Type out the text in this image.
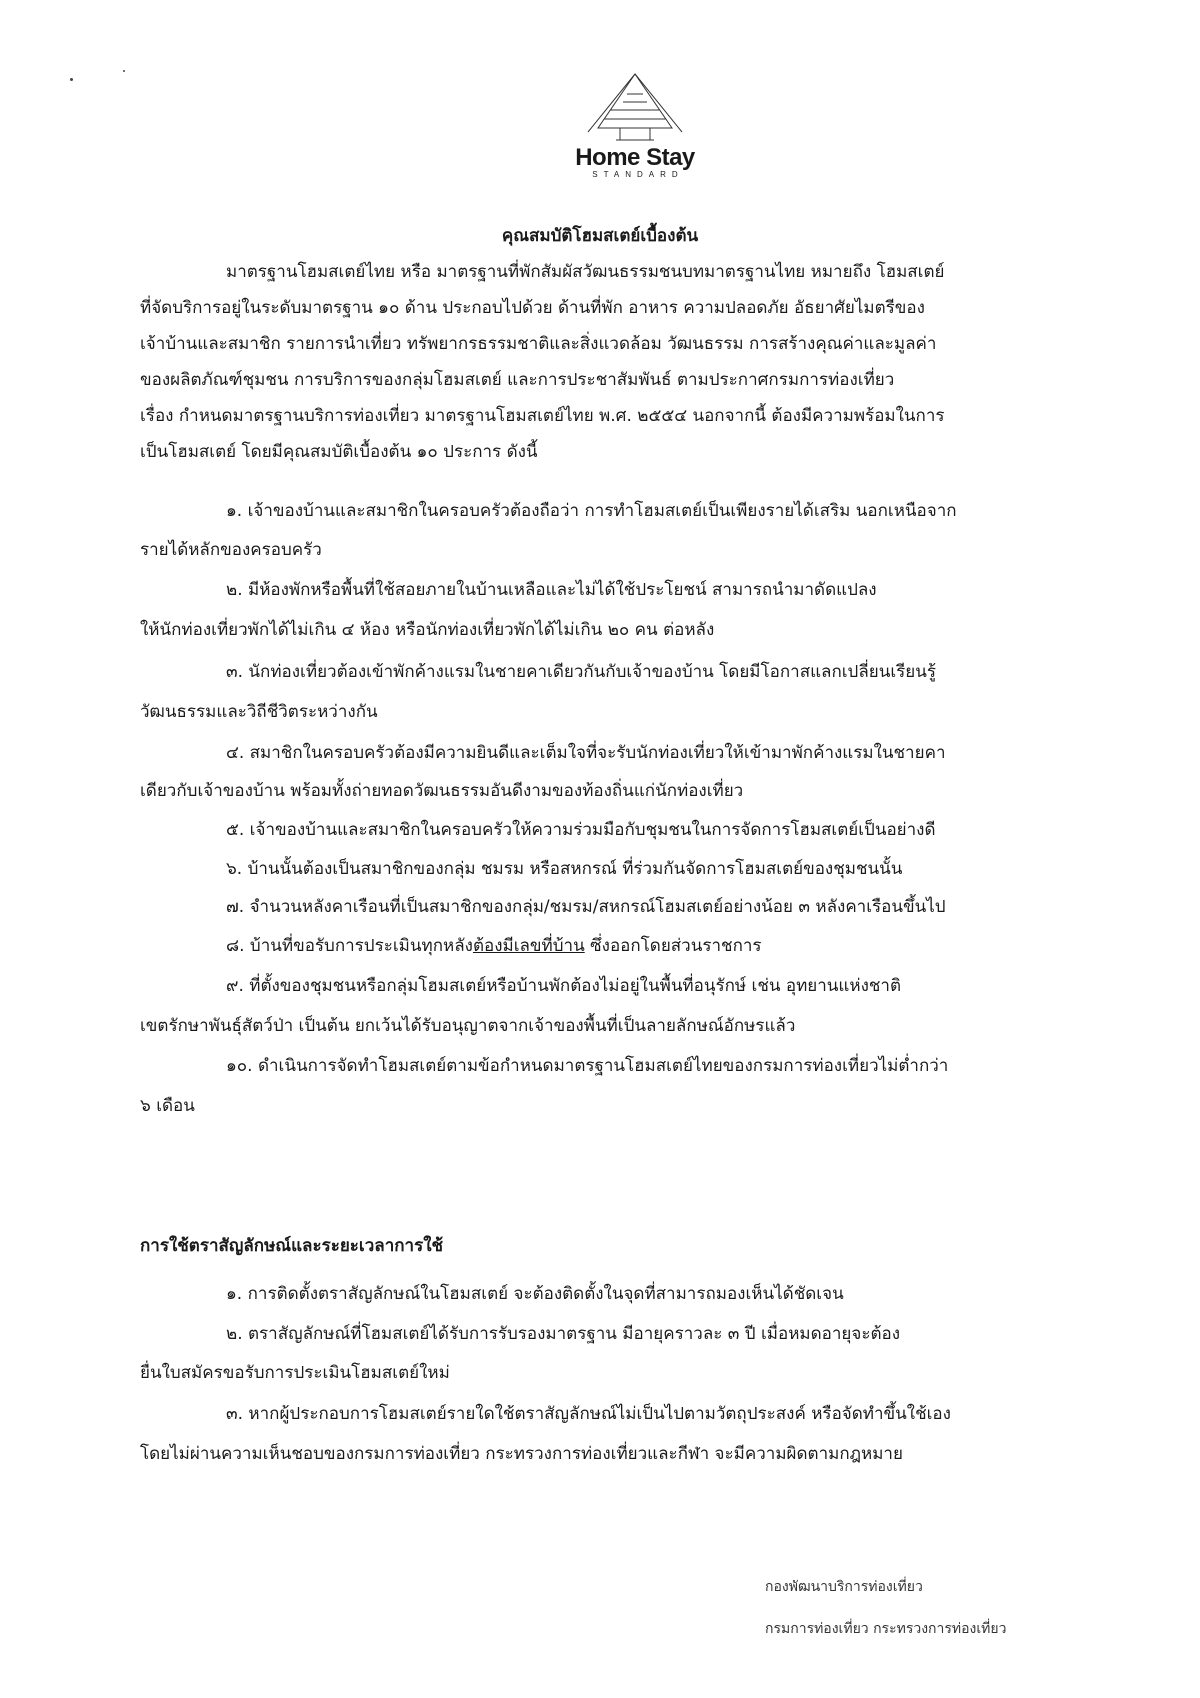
Home Stay
STANDARD
คุณสมบัติโฮมสเตย์เบื้องต้น

มาตรฐานโฮมสเตย์ไทย หรือ มาตรฐานที่พักสัมผัสวัฒนธรรมชนบทมาตรฐานไทย หมายถึง โฮมสเตย์
ที่จัดบริการอยู่ในระดับมาตรฐาน ๑๐ ด้าน ประกอบไปด้วย ด้านที่พัก อาหาร ความปลอดภัย อัธยาศัยไมตรีของ
เจ้าบ้านและสมาชิก รายการนำเที่ยว ทรัพยากรธรรมชาติและสิ่งแวดล้อม วัฒนธรรม การสร้างคุณค่าและมูลค่า
ของผลิตภัณฑ์ชุมชน การบริการของกลุ่มโฮมสเตย์ และการประชาสัมพันธ์ ตามประกาศกรมการท่องเที่ยว
เรื่อง กำหนดมาตรฐานบริการท่องเที่ยว มาตรฐานโฮมสเตย์ไทย พ.ศ. ๒๕๕๔ นอกจากนี้ ต้องมีความพร้อมในการ
เป็นโฮมสเตย์ โดยมีคุณสมบัติเบื้องต้น ๑๐ ประการ ดังนี้

๑. เจ้าของบ้านและสมาชิกในครอบครัวต้องถือว่า การทำโฮมสเตย์เป็นเพียงรายได้เสริม นอกเหนือจาก
รายได้หลักของครอบครัว
๒. มีห้องพักหรือพื้นที่ใช้สอยภายในบ้านเหลือและไม่ได้ใช้ประโยชน์ สามารถนำมาดัดแปลง
ให้นักท่องเที่ยวพักได้ไม่เกิน ๔ ห้อง หรือนักท่องเที่ยวพักได้ไม่เกิน ๒๐ คน ต่อหลัง
๓. นักท่องเที่ยวต้องเข้าพักค้างแรมในชายคาเดียวกันกับเจ้าของบ้าน โดยมีโอกาสแลกเปลี่ยนเรียนรู้
วัฒนธรรมและวิถีชีวิตระหว่างกัน
๔. สมาชิกในครอบครัวต้องมีความยินดีและเต็มใจที่จะรับนักท่องเที่ยวให้เข้ามาพักค้างแรมในชายคา
เดียวกับเจ้าของบ้าน พร้อมทั้งถ่ายทอดวัฒนธรรมอันดีงามของท้องถิ่นแก่นักท่องเที่ยว
๕. เจ้าของบ้านและสมาชิกในครอบครัวให้ความร่วมมือกับชุมชนในการจัดการโฮมสเตย์เป็นอย่างดี
๖. บ้านนั้นต้องเป็นสมาชิกของกลุ่ม ชมรม หรือสหกรณ์ ที่ร่วมกันจัดการโฮมสเตย์ของชุมชนนั้น
๗. จำนวนหลังคาเรือนที่เป็นสมาชิกของกลุ่ม/ชมรม/สหกรณ์โฮมสเตย์อย่างน้อย ๓ หลังคาเรือนขึ้นไป
๘. บ้านที่ขอรับการประเมินทุกหลังต้องมีเลขที่บ้าน ซึ่งออกโดยส่วนราชการ
๙. ที่ตั้งของชุมชนหรือกลุ่มโฮมสเตย์หรือบ้านพักต้องไม่อยู่ในพื้นที่อนุรักษ์ เช่น อุทยานแห่งชาติ
เขตรักษาพันธุ์สัตว์ป่า เป็นต้น ยกเว้นได้รับอนุญาตจากเจ้าของพื้นที่เป็นลายลักษณ์อักษรแล้ว
๑๐. ดำเนินการจัดทำโฮมสเตย์ตามข้อกำหนดมาตรฐานโฮมสเตย์ไทยของกรมการท่องเที่ยวไม่ต่ำกว่า
๖ เดือน
การใช้ตราสัญลักษณ์และระยะเวลาการใช้
๑. การติดตั้งตราสัญลักษณ์ในโฮมสเตย์ จะต้องติดตั้งในจุดที่สามารถมองเห็นได้ชัดเจน
๒. ตราสัญลักษณ์ที่โฮมสเตย์ได้รับการรับรองมาตรฐาน มีอายุคราวละ ๓ ปี เมื่อหมดอายุจะต้อง
ยื่นใบสมัครขอรับการประเมินโฮมสเตย์ใหม่
๓. หากผู้ประกอบการโฮมสเตย์รายใดใช้ตราสัญลักษณ์ไม่เป็นไปตามวัตถุประสงค์ หรือจัดทำขึ้นใช้เอง
โดยไม่ผ่านความเห็นชอบของกรมการท่องเที่ยว กระทรวงการท่องเที่ยวและกีฬา จะมีความผิดตามกฎหมาย
กองพัฒนาบริการท่องเที่ยว
กรมการท่องเที่ยว กระทรวงการท่องเที่ยว
